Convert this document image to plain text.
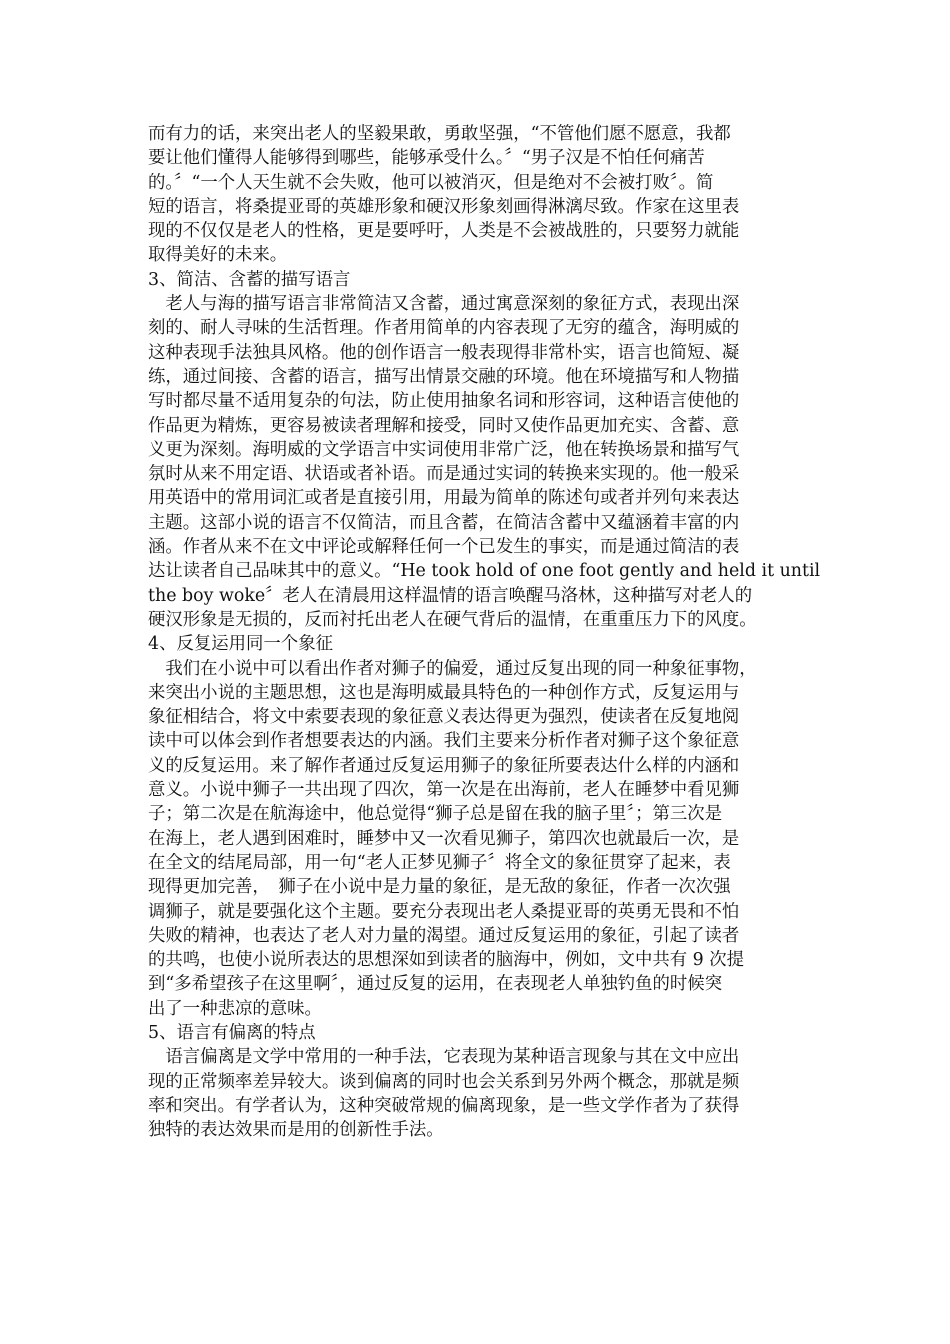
而有力的话，来突出老人的坚毅果敢，勇敢坚强，“不管他们愿不愿意，我都
要让他们懂得人能够得到哪些，能够承受什么。〞“男子汉是不怕任何痛苦
的。〞“一个人天生就不会失败，他可以被消灭，但是绝对不会被打败〞。简
短的语言，将桑提亚哥的英雄形象和硬汉形象刻画得淋漓尽致。作家在这里表
现的不仅仅是老人的性格，更是要呼吁，人类是不会被战胜的，只要努力就能
取得美好的未来。
3、简洁、含蓄的描写语言
　老人与海的描写语言非常简洁又含蓄，通过寓意深刻的象征方式，表现出深
刻的、耐人寻味的生活哲理。作者用简单的内容表现了无穷的蕴含，海明威的
这种表现手法独具风格。他的创作语言一般表现得非常朴实，语言也简短、凝
练，通过间接、含蓄的语言，描写出情景交融的环境。他在环境描写和人物描
写时都尽量不适用复杂的句法，防止使用抽象名词和形容词，这种语言使他的
作品更为精炼，更容易被读者理解和接受，同时又使作品更加充实、含蓄、意
义更为深刻。海明威的文学语言中实词使用非常广泛，他在转换场景和描写气
氛时从来不用定语、状语或者补语。而是通过实词的转换来实现的。他一般采
用英语中的常用词汇或者是直接引用，用最为简单的陈述句或者并列句来表达
主题。这部小说的语言不仅简洁，而且含蓄，在简洁含蓄中又蕴涵着丰富的内
涵。作者从来不在文中评论或解释任何一个已发生的事实，而是通过简洁的表
达让读者自己品味其中的意义。“He took hold of one foot gently and held it until
the boy woke〞老人在清晨用这样温情的语言唤醒马洛林，这种描写对老人的
硬汉形象是无损的，反而衬托出老人在硬气背后的温情，在重重压力下的风度。
4、反复运用同一个象征
　我们在小说中可以看出作者对狮子的偏爱，通过反复出现的同一种象征事物，
来突出小说的主题思想，这也是海明威最具特色的一种创作方式，反复运用与
象征相结合，将文中索要表现的象征意义表达得更为强烈，使读者在反复地阅
读中可以体会到作者想要表达的内涵。我们主要来分析作者对狮子这个象征意
义的反复运用。来了解作者通过反复运用狮子的象征所要表达什么样的内涵和
意义。小说中狮子一共出现了四次，第一次是在出海前，老人在睡梦中看见狮
子；第二次是在航海途中，他总觉得“狮子总是留在我的脑子里〞；第三次是
在海上，老人遇到困难时，睡梦中又一次看见狮子，第四次也就最后一次，是
在全文的结尾局部，用一句“老人正梦见狮子〞将全文的象征贯穿了起来，表
现得更加完善，　狮子在小说中是力量的象征，是无敌的象征，作者一次次强
调狮子，就是要强化这个主题。要充分表现出老人桑提亚哥的英勇无畏和不怕
失败的精神，也表达了老人对力量的渴望。通过反复运用的象征，引起了读者
的共鸣，也使小说所表达的思想深如到读者的脑海中，例如，文中共有 9 次提
到“多希望孩子在这里啊〞，通过反复的运用，在表现老人单独钓鱼的时候突
出了一种悲凉的意味。
5、语言有偏离的特点
　语言偏离是文学中常用的一种手法，它表现为某种语言现象与其在文中应出
现的正常频率差异较大。谈到偏离的同时也会关系到另外两个概念，那就是频
率和突出。有学者认为，这种突破常规的偏离现象，是一些文学作者为了获得
独特的表达效果而是用的创新性手法。
